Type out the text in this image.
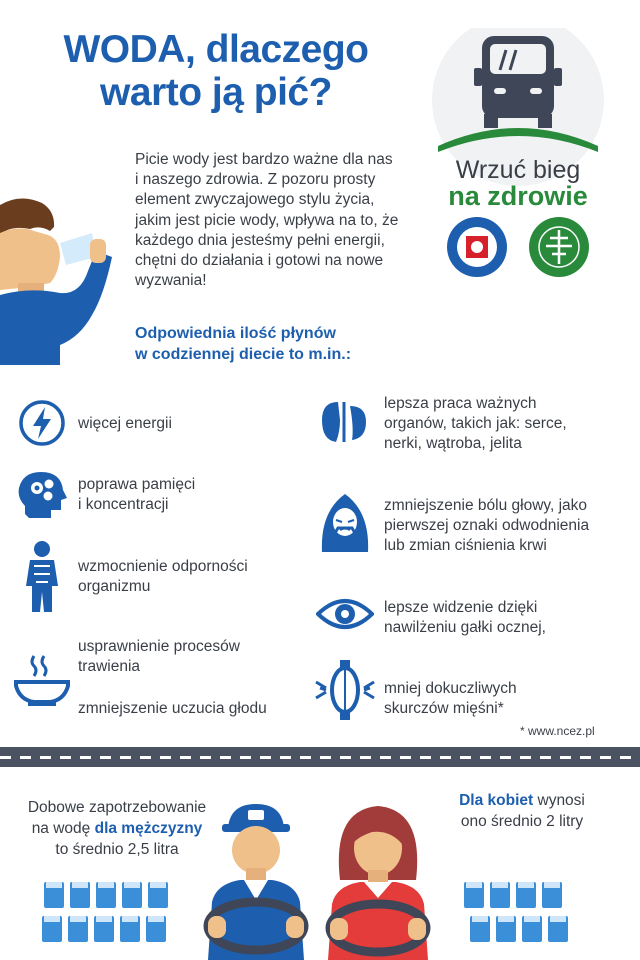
WODA, dlaczego
warto ją pić?
Picie wody jest bardzo ważne dla nas i naszego zdrowia. Z pozoru prosty element zwyczajowego stylu życia, jakim jest picie wody, wpływa na to, że każdego dnia jesteśmy pełni energii, chętni do działania i gotowi na nowe wyzwania!
Odpowiednia ilość płynów
w codziennej diecie to m.in.:
Wrzuć bieg
na zdrowie
więcej energii
poprawa pamięci
i koncentracji
wzmocnienie odporności
organizmu
usprawnienie procesów
trawienia
zmniejszenie uczucia głodu
lepsza praca ważnych
organów, takich jak: serce,
nerki, wątroba, jelita
zmniejszenie bólu głowy, jako
pierwszej oznaki odwodnienia
lub zmian ciśnienia krwi
lepsze widzenie dzięki
nawilżeniu gałki ocznej,
mniej dokuczliwych
skurczów mięśni*
* www.ncez.pl
Dobowe zapotrzebowanie
na wodę dla mężczyzny
to średnio 2,5 litra
Dla kobiet wynosi
ono średnio 2 litry
